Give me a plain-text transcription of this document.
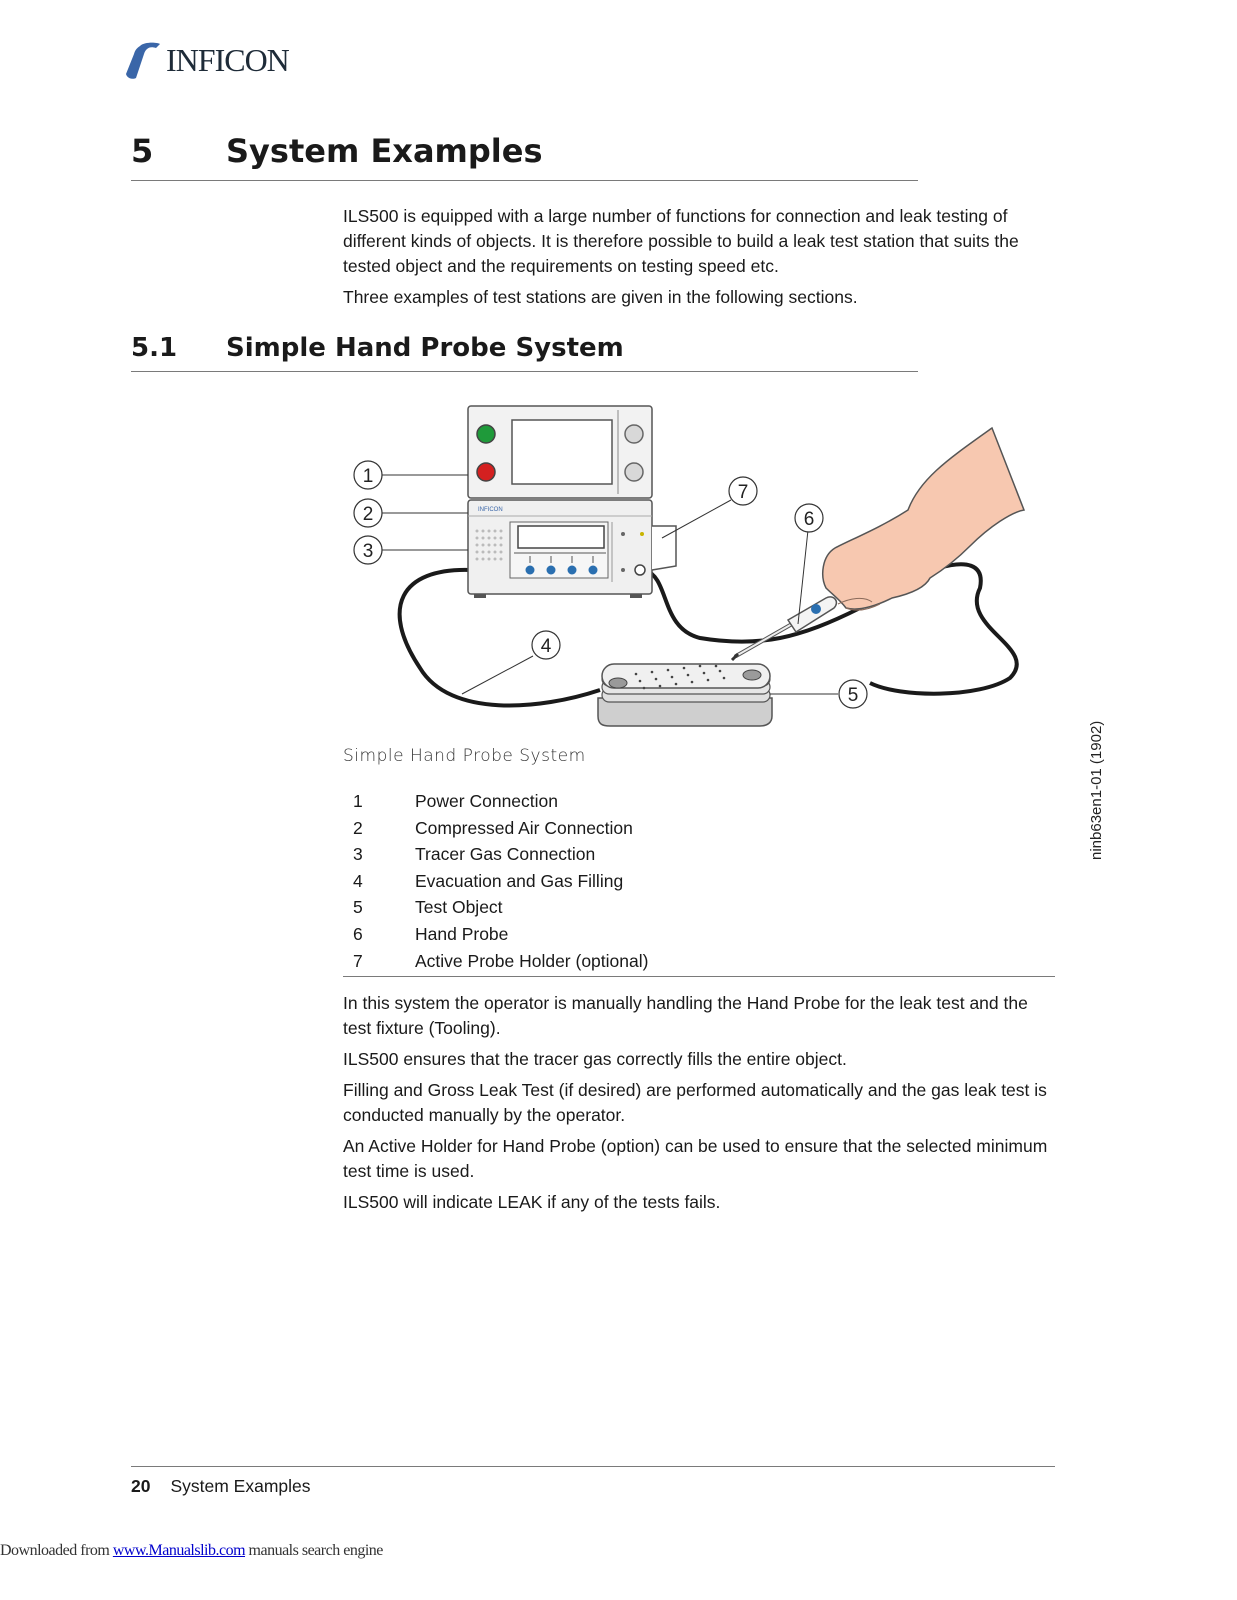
INFICON
5 System Examples

ILS500 is equipped with a large number of functions for connection and leak testing of different kinds of objects. It is therefore possible to build a leak test station that suits the tested object and the requirements on testing speed etc.

Three examples of test stations are given in the following sections.

5.1 Simple Hand Probe System
INFICON
1
2
3
4
5
6
7
Simple Hand Probe System
1	Power Connection
2	Compressed Air Connection
3	Tracer Gas Connection
4	Evacuation and Gas Filling
5	Test Object
6	Hand Probe
7	Active Probe Holder (optional)

In this system the operator is manually handling the Hand Probe for the leak test and the test fixture (Tooling).

ILS500 ensures that the tracer gas correctly fills the entire object.

Filling and Gross Leak Test (if desired) are performed automatically and the gas leak test is conducted manually by the operator.

An Active Holder for Hand Probe (option) can be used to ensure that the selected minimum test time is used.

ILS500 will indicate LEAK if any of the tests fails.

ninb63en1-01 (1902)
20 System Examples
Downloaded from www.Manualslib.com manuals search engine
